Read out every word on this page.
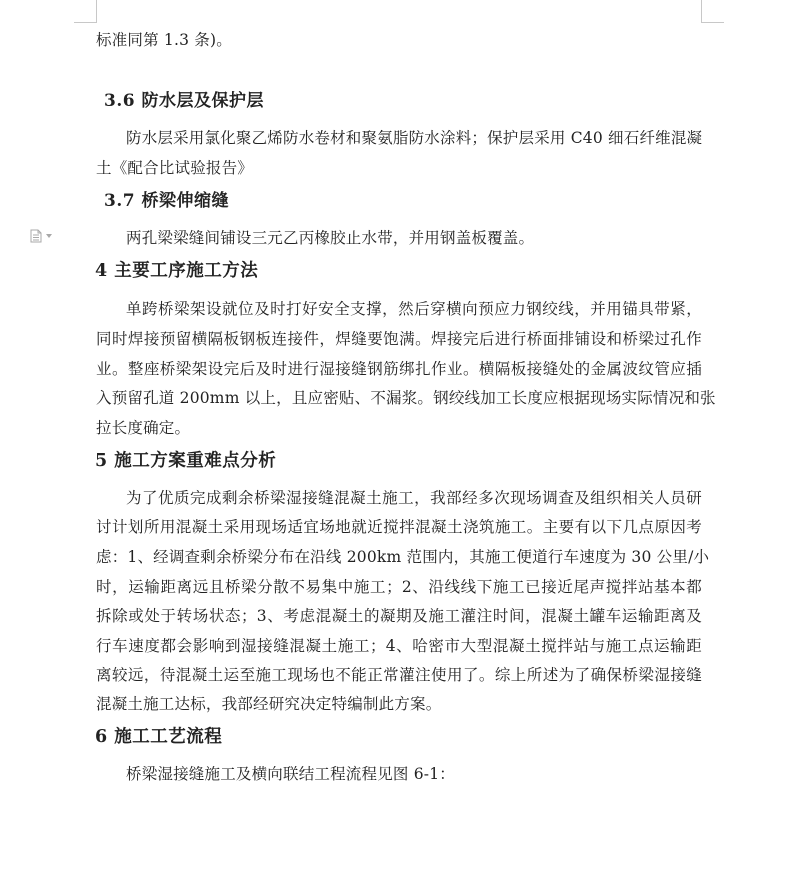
标准同第 1.3 条)。
3.6 防水层及保护层
防水层采用氯化聚乙烯防水卷材和聚氨脂防水涂料；保护层采用 C40 细石纤维混凝
土《配合比试验报告》
3.7 桥梁伸缩缝
两孔梁梁缝间铺设三元乙丙橡胶止水带，并用钢盖板覆盖。
4 主要工序施工方法
单跨桥梁架设就位及时打好安全支撑，然后穿横向预应力钢绞线，并用锚具带紧，
同时焊接预留横隔板钢板连接件，焊缝要饱满。焊接完后进行桥面排铺设和桥梁过孔作
业。整座桥梁架设完后及时进行湿接缝钢筋绑扎作业。横隔板接缝处的金属波纹管应插
入预留孔道 200mm 以上，且应密贴、不漏浆。钢绞线加工长度应根据现场实际情况和张
拉长度确定。
5 施工方案重难点分析
为了优质完成剩余桥梁湿接缝混凝土施工，我部经多次现场调查及组织相关人员研
讨计划所用混凝土采用现场适宜场地就近搅拌混凝土浇筑施工。主要有以下几点原因考
虑：1、经调查剩余桥梁分布在沿线 200km 范围内，其施工便道行车速度为 30 公里/小
时，运输距离远且桥梁分散不易集中施工；2、沿线线下施工已接近尾声搅拌站基本都
拆除或处于转场状态；3、考虑混凝土的凝期及施工灌注时间，混凝土罐车运输距离及
行车速度都会影响到湿接缝混凝土施工；4、哈密市大型混凝土搅拌站与施工点运输距
离较远，待混凝土运至施工现场也不能正常灌注使用了。综上所述为了确保桥梁湿接缝
混凝土施工达标，我部经研究决定特编制此方案。
6 施工工艺流程
桥梁湿接缝施工及横向联结工程流程见图 6-1：
